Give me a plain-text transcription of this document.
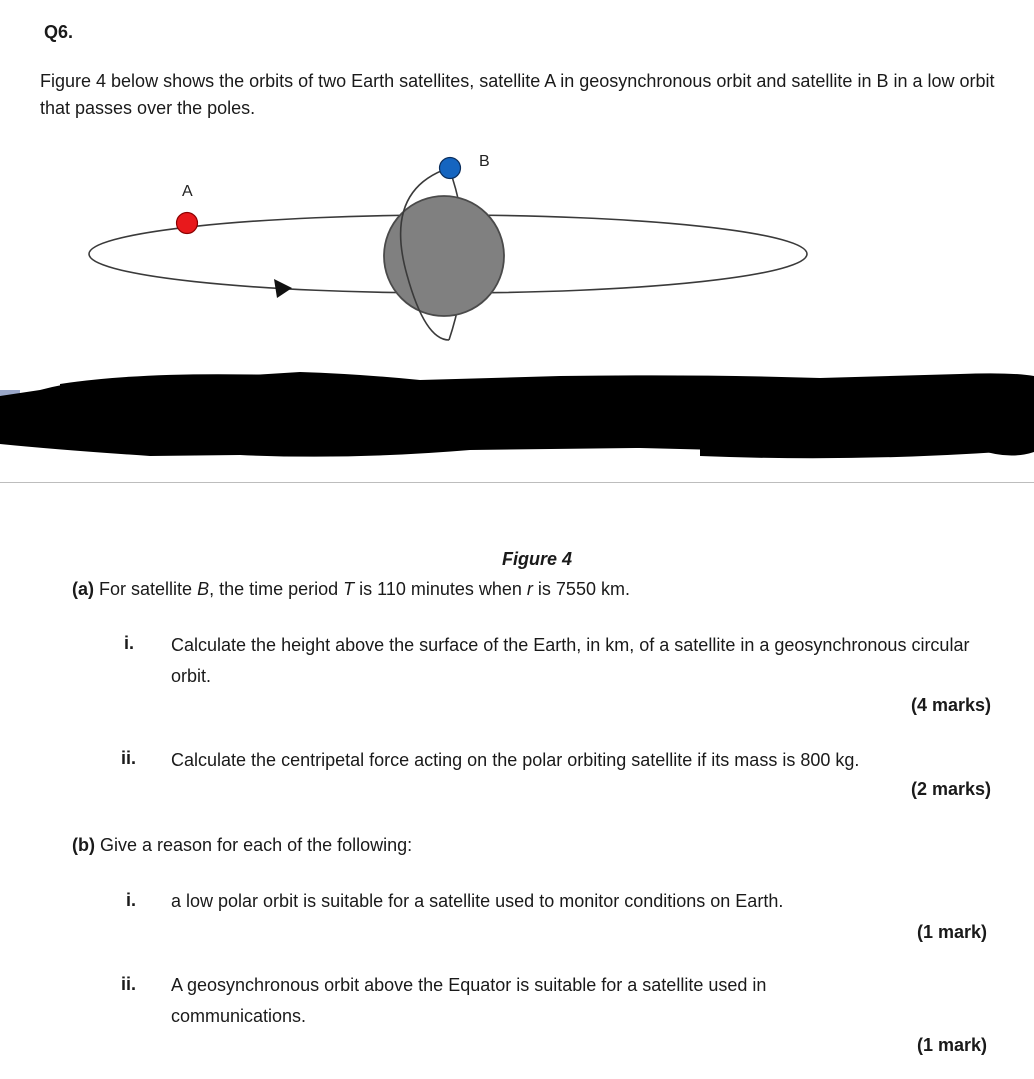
Q6.
Figure 4 below shows the orbits of two Earth satellites, satellite A in geosynchronous orbit and satellite in B in a low orbit that passes over the poles.
A
B
Figure 4
(a) For satellite B, the time period T is 110 minutes when r is 7550 km.
i. Calculate the height above the surface of the Earth, in km, of a satellite in a geosynchronous circular orbit.
(4 marks)
ii. Calculate the centripetal force acting on the polar orbiting satellite if its mass is 800 kg.
(2 marks)
(b) Give a reason for each of the following:
i. a low polar orbit is suitable for a satellite used to monitor conditions on Earth.
(1 mark)
ii. A geosynchronous orbit above the Equator is suitable for a satellite used in communications.
(1 mark)
